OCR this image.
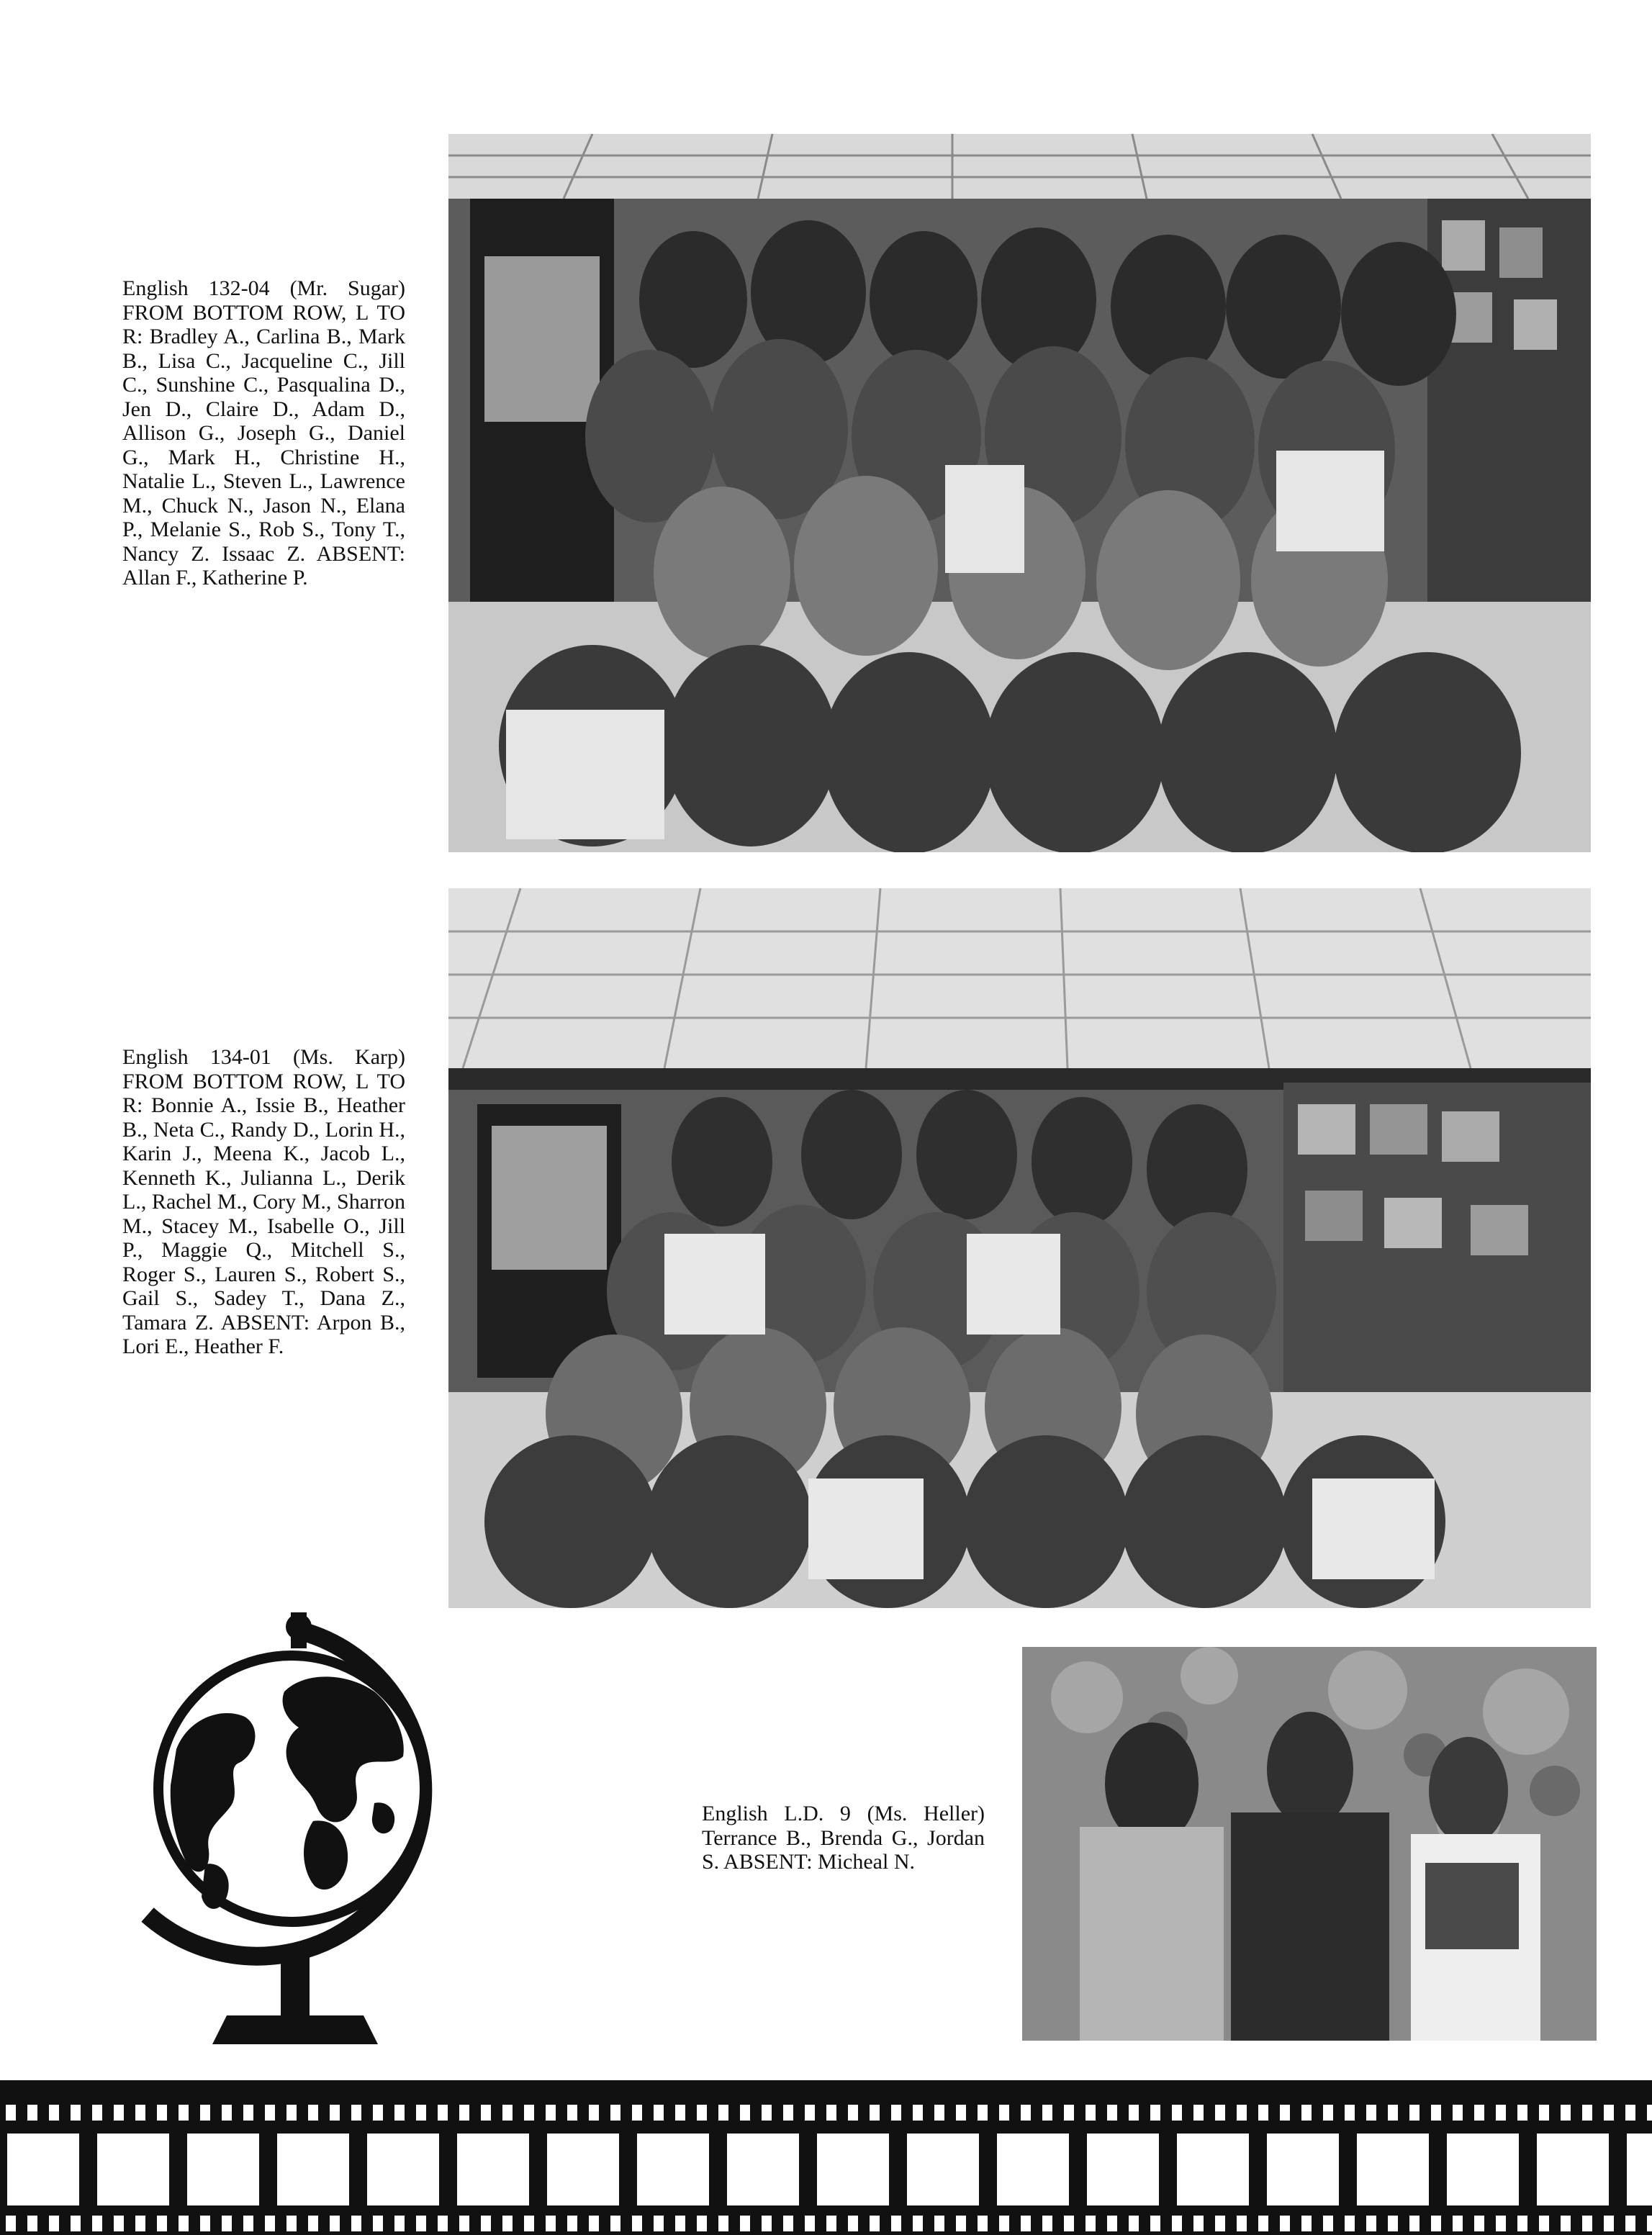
English 132-04 (Mr. Sugar) FROM BOTTOM ROW, L TO R: Bradley A., Carlina B., Mark B., Lisa C., Jacqueline C., Jill C., Sunshine C., Pasqualina D., Jen D., Claire D., Adam D., Allison G., Joseph G., Daniel G., Mark H., Christine H., Natalie L., Steven L., Lawrence M., Chuck N., Jason N., Elana P., Melanie S., Rob S., Tony T., Nancy Z. Issaac Z. ABSENT: Allan F., Katherine P.

English 134-01 (Ms. Karp) FROM BOTTOM ROW, L TO R: Bonnie A., Issie B., Heather B., Neta C., Randy D., Lorin H., Karin J., Meena K., Jacob L., Kenneth K., Julianna L., Derik L., Rachel M., Cory M., Sharron M., Stacey M., Isabelle O., Jill P., Maggie Q., Mitchell S., Roger S., Lauren S., Robert S., Gail S., Sadey T., Dana Z., Tamara Z. ABSENT: Arpon B., Lori E., Heather F.

English L.D. 9 (Ms. Heller) Terrance B., Brenda G., Jordan S. ABSENT: Micheal N.
